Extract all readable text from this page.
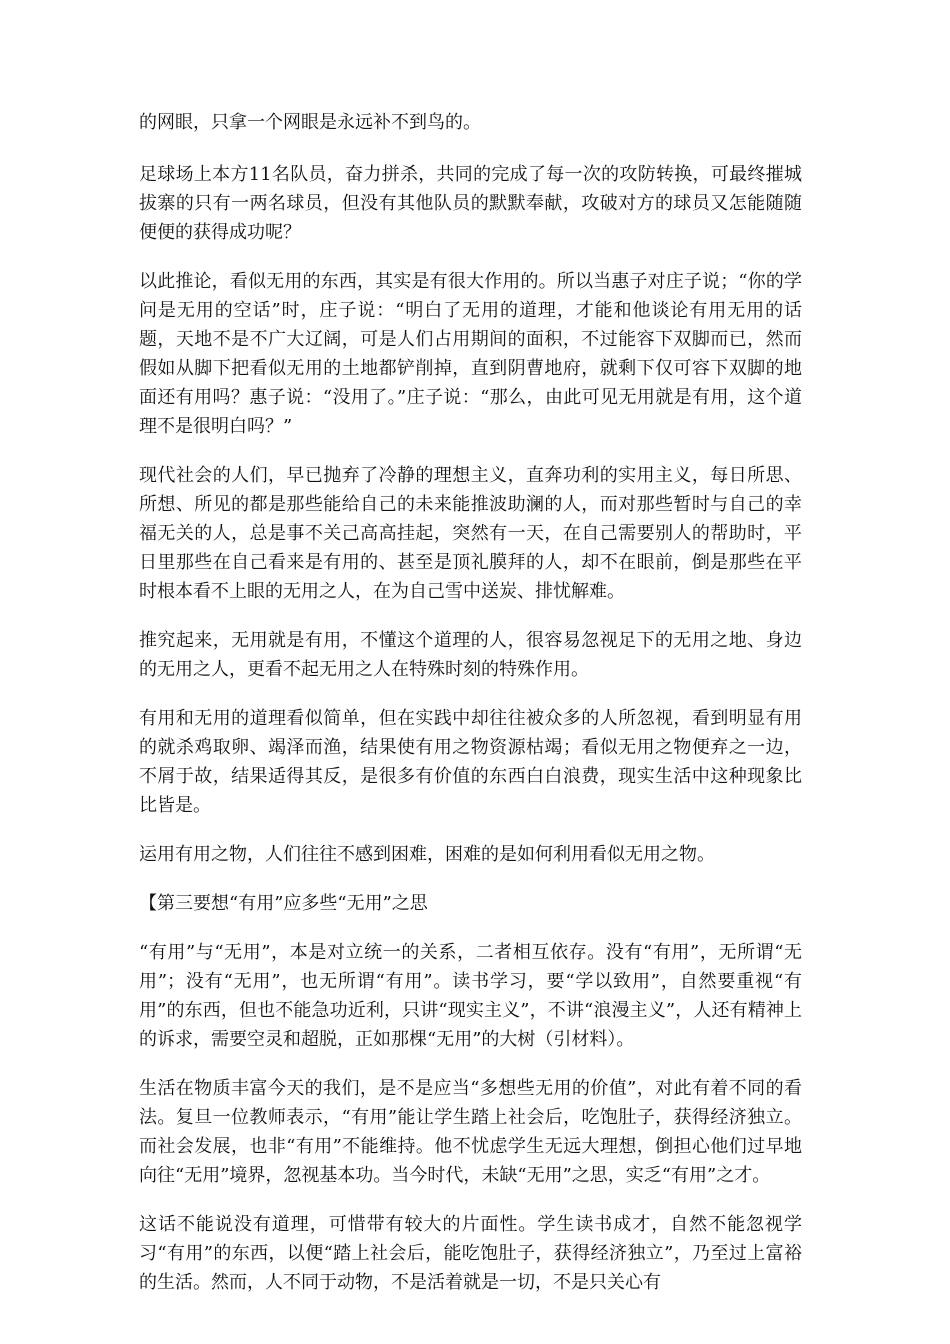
的网眼，只拿一个网眼是永远补不到鸟的。

足球场上本方11名队员，奋力拼杀，共同的完成了每一次的攻防转换，可最终摧城拔寨的只有一两名球员，但没有其他队员的默默奉献，攻破对方的球员又怎能随随便便的获得成功呢？

以此推论，看似无用的东西，其实是有很大作用的。所以当惠子对庄子说；“你的学问是无用的空话”时，庄子说：“明白了无用的道理，才能和他谈论有用无用的话题，天地不是不广大辽阔，可是人们占用期间的面积，不过能容下双脚而已，然而假如从脚下把看似无用的土地都铲削掉，直到阴曹地府，就剩下仅可容下双脚的地面还有用吗？惠子说：“没用了。”庄子说：“那么，由此可见无用就是有用，这个道理不是很明白吗？”

现代社会的人们，早已抛弃了冷静的理想主义，直奔功利的实用主义，每日所思、所想、所见的都是那些能给自己的未来能推波助澜的人，而对那些暂时与自己的幸福无关的人，总是事不关己高高挂起，突然有一天，在自己需要别人的帮助时，平日里那些在自己看来是有用的、甚至是顶礼膜拜的人，却不在眼前，倒是那些在平时根本看不上眼的无用之人，在为自己雪中送炭、排忧解难。

推究起来，无用就是有用，不懂这个道理的人，很容易忽视足下的无用之地、身边的无用之人，更看不起无用之人在特殊时刻的特殊作用。

有用和无用的道理看似简单，但在实践中却往往被众多的人所忽视，看到明显有用的就杀鸡取卵、竭泽而渔，结果使有用之物资源枯竭；看似无用之物便弃之一边，不屑于故，结果适得其反，是很多有价值的东西白白浪费，现实生活中这种现象比比皆是。

运用有用之物，人们往往不感到困难，困难的是如何利用看似无用之物。

【第三要想“有用”应多些“无用”之思

“有用”与“无用”，本是对立统一的关系，二者相互依存。没有“有用”，无所谓“无用”；没有“无用”，也无所谓“有用”。读书学习，要“学以致用”，自然要重视“有用”的东西，但也不能急功近利，只讲“现实主义”，不讲“浪漫主义”，人还有精神上的诉求，需要空灵和超脱，正如那棵“无用”的大树（引材料）。

生活在物质丰富今天的我们，是不是应当“多想些无用的价值”，对此有着不同的看法。复旦一位教师表示，“有用”能让学生踏上社会后，吃饱肚子，获得经济独立。而社会发展，也非“有用”不能维持。他不忧虑学生无远大理想，倒担心他们过早地向往“无用”境界，忽视基本功。当今时代，未缺“无用”之思，实乏“有用”之才。

这话不能说没有道理，可惜带有较大的片面性。学生读书成才，自然不能忽视学习“有用”的东西，以便“踏上社会后，能吃饱肚子，获得经济独立”，乃至过上富裕的生活。然而，人不同于动物，不是活着就是一切，不是只关心有
